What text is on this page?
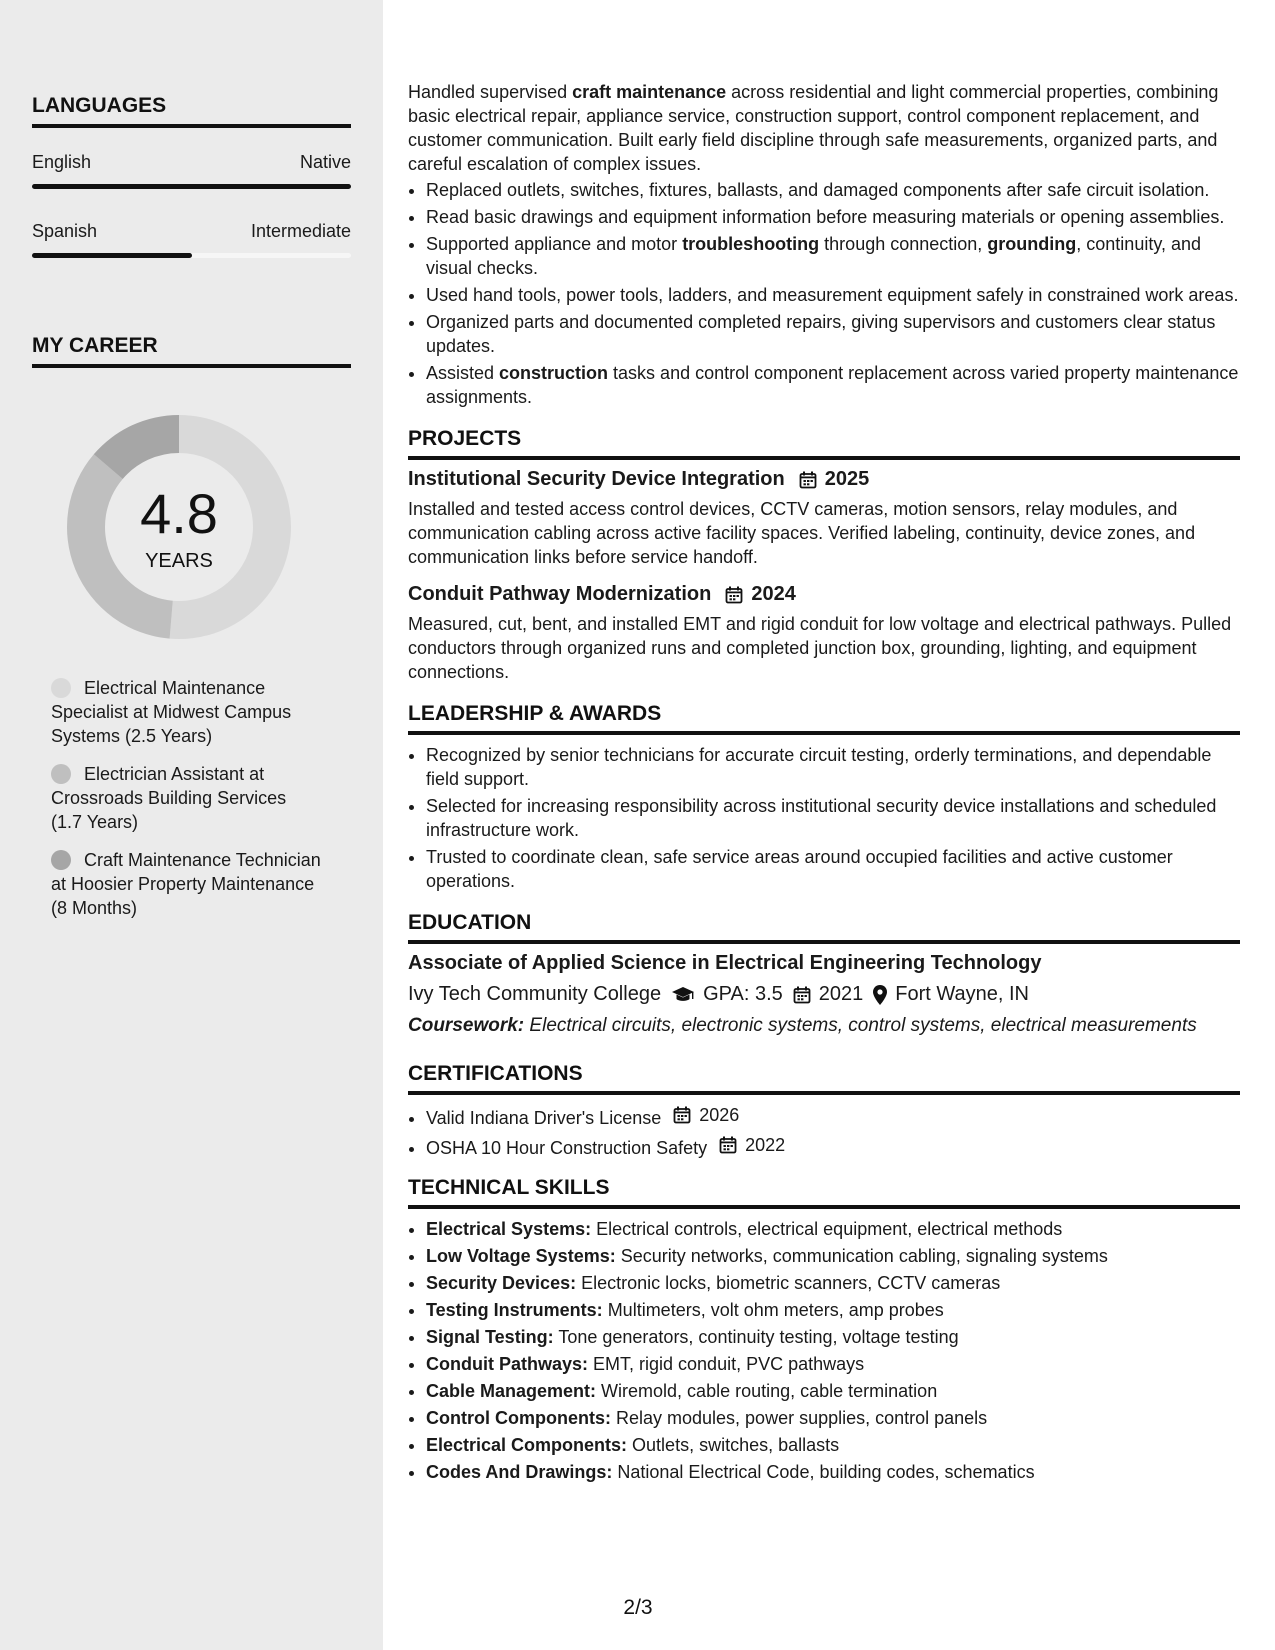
LANGUAGES
English	Native
Spanish	Intermediate
MY CAREER
4.8
YEARS
Electrical Maintenance Specialist at Midwest Campus Systems (2.5 Years)
Electrician Assistant at Crossroads Building Services (1.7 Years)
Craft Maintenance Technician at Hoosier Property Maintenance (8 Months)

Handled supervised craft maintenance across residential and light commercial properties, combining basic electrical repair, appliance service, construction support, control component replacement, and customer communication. Built early field discipline through safe measurements, organized parts, and careful escalation of complex issues.

• Replaced outlets, switches, fixtures, ballasts, and damaged components after safe circuit isolation.
• Read basic drawings and equipment information before measuring materials or opening assemblies.
• Supported appliance and motor troubleshooting through connection, grounding, continuity, and visual checks.
• Used hand tools, power tools, ladders, and measurement equipment safely in constrained work areas.
• Organized parts and documented completed repairs, giving supervisors and customers clear status updates.
• Assisted construction tasks and control component replacement across varied property maintenance assignments.
PROJECTS
Institutional Security Device Integration 2025

Installed and tested access control devices, CCTV cameras, motion sensors, relay modules, and communication cabling across active facility spaces. Verified labeling, continuity, device zones, and communication links before service handoff.

Conduit Pathway Modernization 2024

Measured, cut, bent, and installed EMT and rigid conduit for low voltage and electrical pathways. Pulled conductors through organized runs and completed junction box, grounding, lighting, and equipment connections.

LEADERSHIP & AWARDS
• Recognized by senior technicians for accurate circuit testing, orderly terminations, and dependable field support.
• Selected for increasing responsibility across institutional security device installations and scheduled infrastructure work.
• Trusted to coordinate clean, safe service areas around occupied facilities and active customer operations.
EDUCATION
Associate of Applied Science in Electrical Engineering Technology
Ivy Tech Community College GPA: 3.5 2021 Fort Wayne, IN
Coursework: Electrical circuits, electronic systems, control systems, electrical measurements
CERTIFICATIONS
• Valid Indiana Driver's License 2026
• OSHA 10 Hour Construction Safety 2022
TECHNICAL SKILLS
• Electrical Systems: Electrical controls, electrical equipment, electrical methods
• Low Voltage Systems: Security networks, communication cabling, signaling systems
• Security Devices: Electronic locks, biometric scanners, CCTV cameras
• Testing Instruments: Multimeters, volt ohm meters, amp probes
• Signal Testing: Tone generators, continuity testing, voltage testing
• Conduit Pathways: EMT, rigid conduit, PVC pathways
• Cable Management: Wiremold, cable routing, cable termination
• Control Components: Relay modules, power supplies, control panels
• Electrical Components: Outlets, switches, ballasts
• Codes And Drawings: National Electrical Code, building codes, schematics
2/3
